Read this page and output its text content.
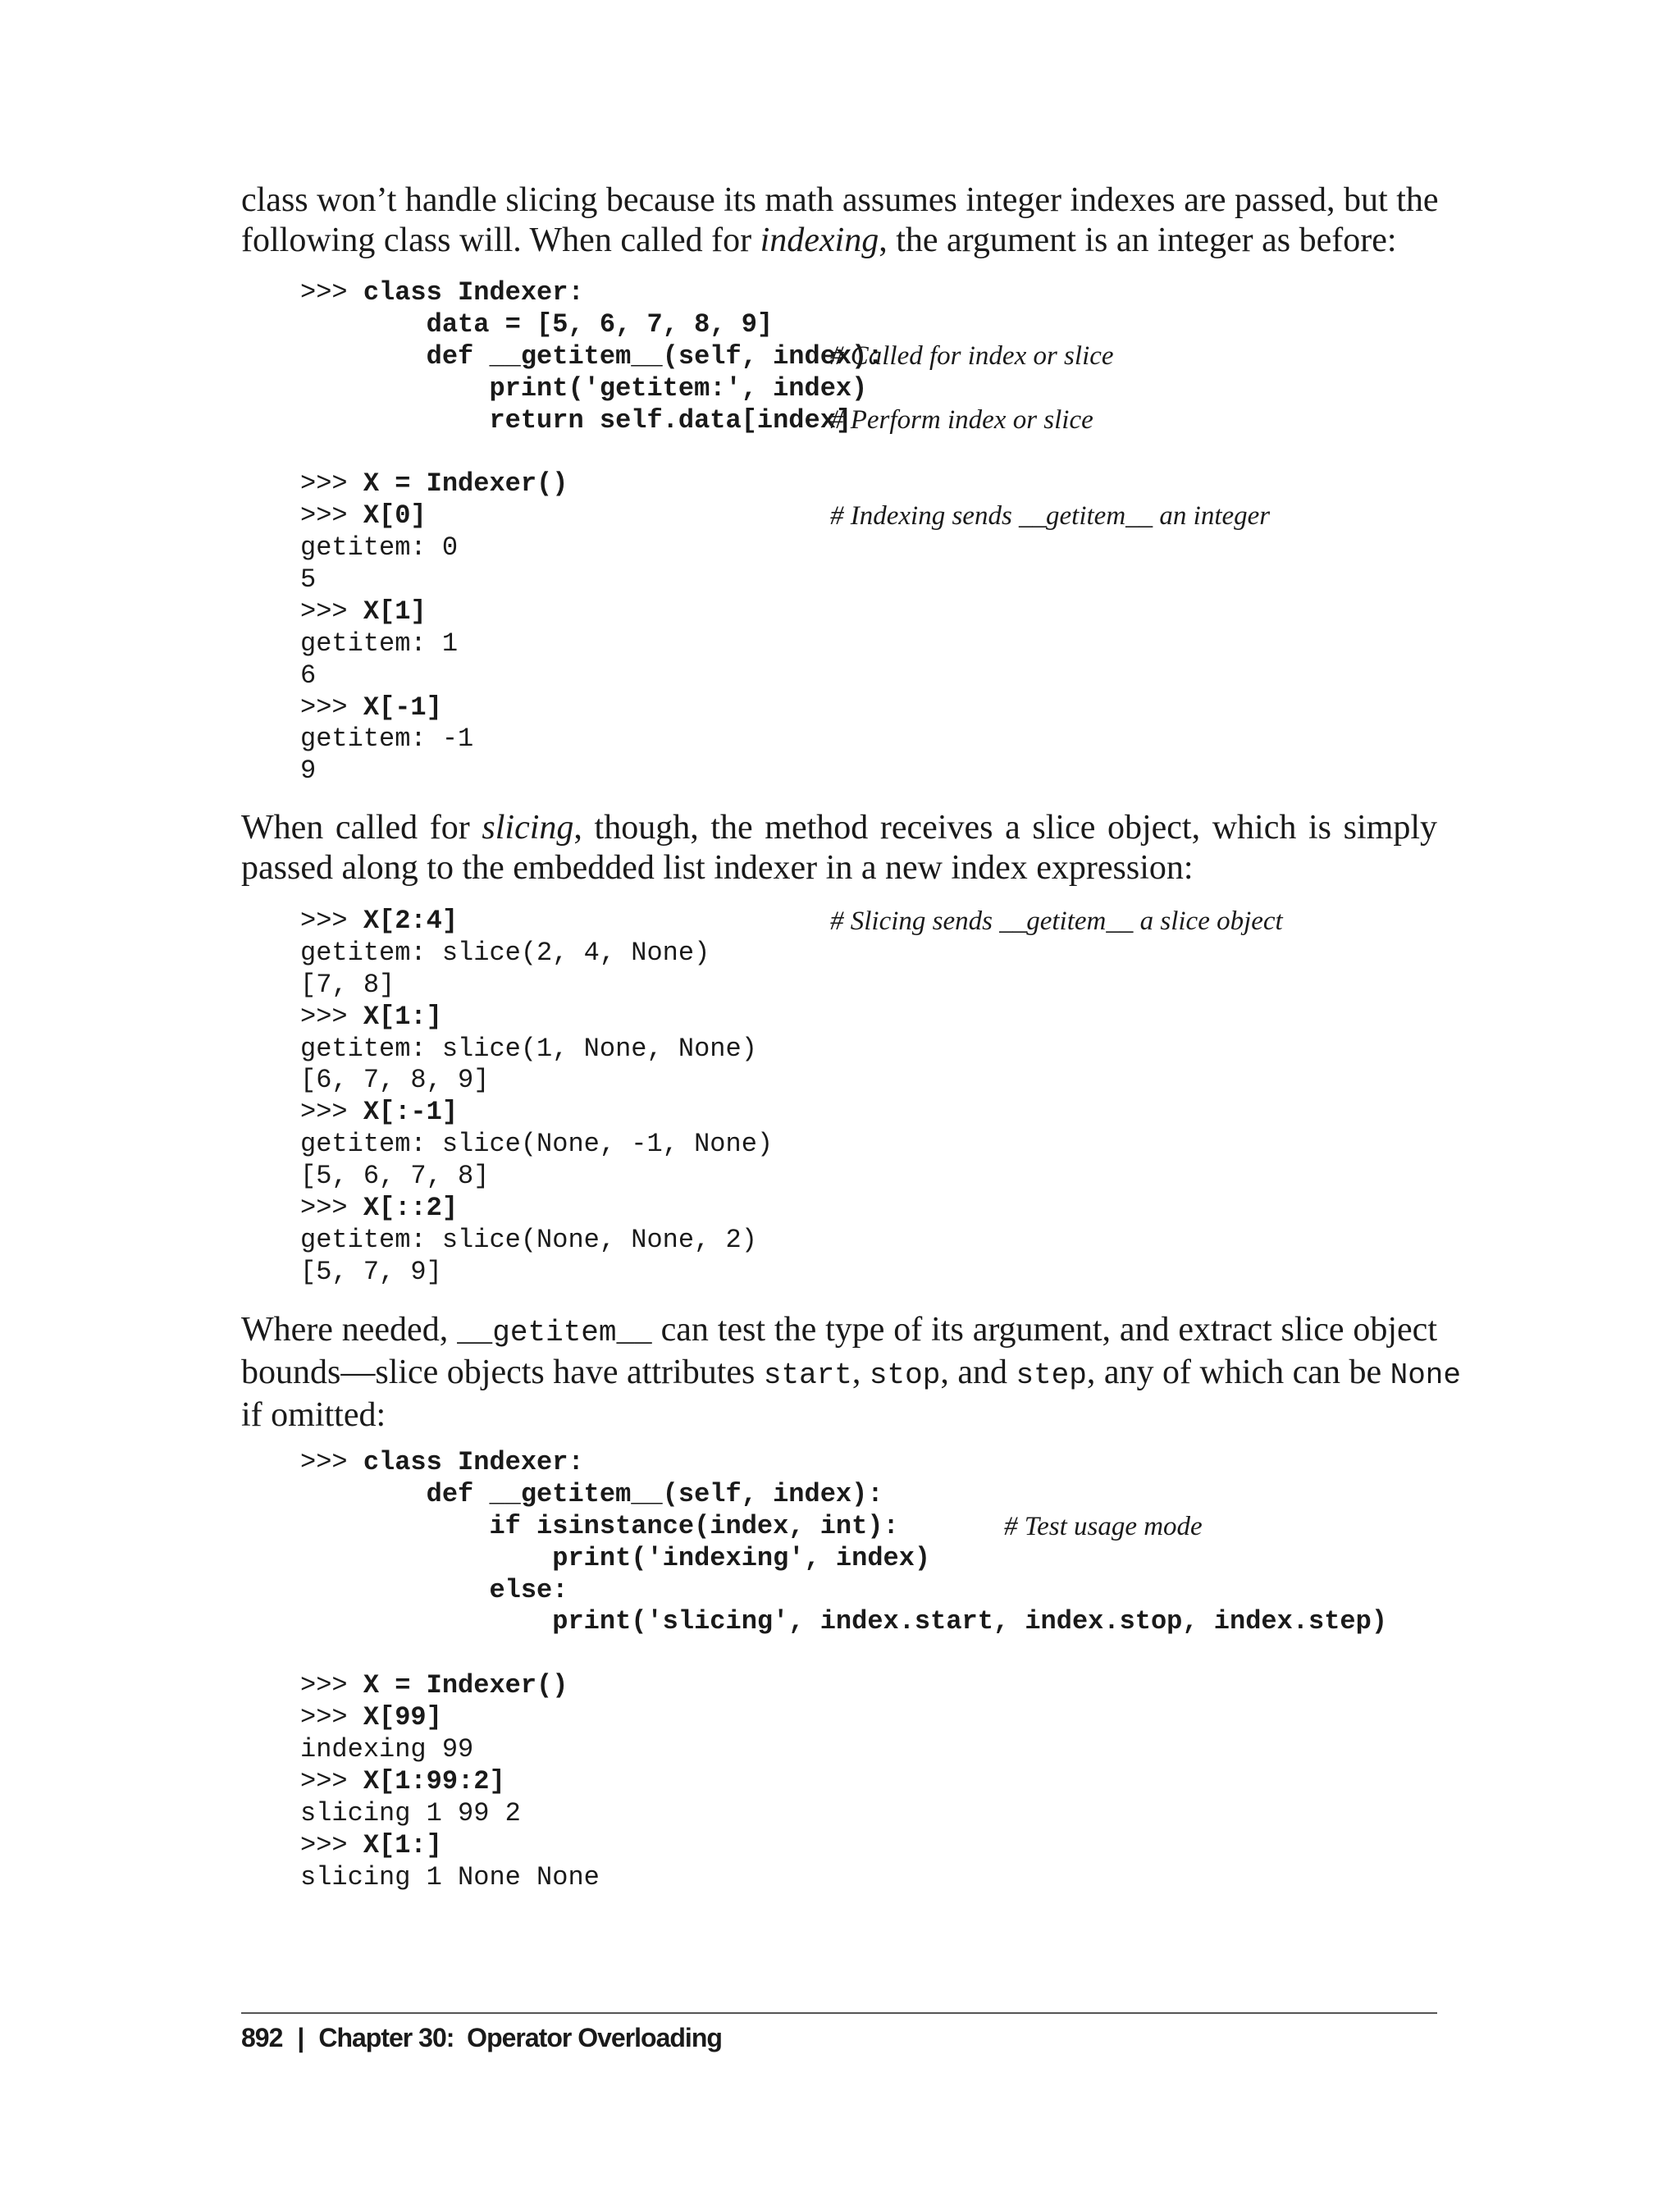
class won’t handle slicing because its math assumes integer indexes are passed, but the
following class will. When called for indexing, the argument is an integer as before:
>>> class Indexer:
data = [5, 6, 7, 8, 9]
def __getitem__(self, index):
print('getitem:', index)
return self.data[index]
>>> X = Indexer()
>>> X[0]
getitem: 0
5
>>> X[1]
getitem: 1
6
>>> X[-1]
getitem: -1
9
# Called for index or slice
# Perform index or slice
# Indexing sends __getitem__ an integer
When called for slicing, though, the method receives a slice object, which is simply
passed along to the embedded list indexer in a new index expression:
>>> X[2:4]
getitem: slice(2, 4, None)
[7, 8]
>>> X[1:]
getitem: slice(1, None, None)
[6, 7, 8, 9]
>>> X[:-1]
getitem: slice(None, -1, None)
[5, 6, 7, 8]
>>> X[::2]
getitem: slice(None, None, 2)
[5, 7, 9]
# Slicing sends __getitem__ a slice object
Where needed, __getitem__ can test the type of its argument, and extract slice object
bounds—slice objects have attributes start, stop, and step, any of which can be None
if omitted:
>>> class Indexer:
def __getitem__(self, index):
if isinstance(index, int):
print('indexing', index)
else:
print('slicing', index.start, index.stop, index.step)
>>> X = Indexer()
>>> X[99]
indexing 99
>>> X[1:99:2]
slicing 1 99 2
>>> X[1:]
slicing 1 None None
# Test usage mode
892 | Chapter 30:  Operator Overloading
